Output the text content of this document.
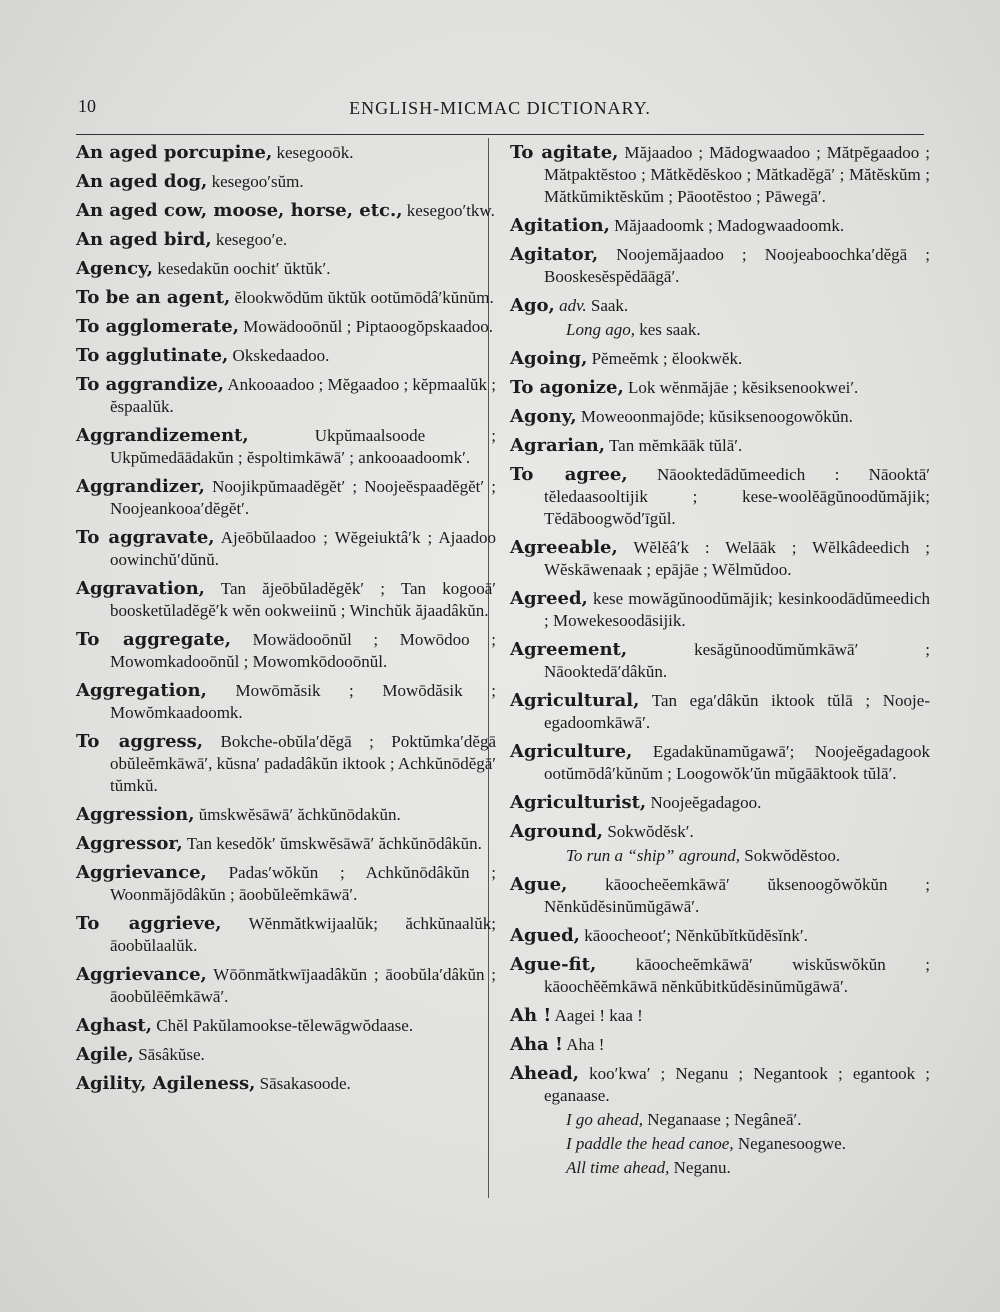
10	ENGLISH-MICMAC DICTIONARY.
An aged porcupine, kesegooōk.
An aged dog, kesegoo′sŭm.
An aged cow, moose, horse, etc., kesegoo′tkw.
An aged bird, kesegoo′e.
Agency, kesedakŭn oochit′ ŭktŭk′.
To be an agent, ĕlookwŏdŭm ŭktŭk ootŭmōdâ′kŭnŭm.
To agglomerate, Mowädooōnŭl ; Piptaoogŏpskaadoo.
To agglutinate, Okskedaadoo.
To aggrandize, Ankooaadoo ; Mĕgaadoo ; kĕpmaalŭk ; ĕspaalŭk.
Aggrandizement, Ukpŭmaalsoode ; Ukpŭmedāādakŭn ; ĕspoltimkāwā′ ; ankooaadoomk′.
Aggrandizer, Noojikpŭmaadĕgĕt′ ; Noojeĕspaadĕgĕt′ ; Noojeankooa′dĕgĕt′.
To aggravate, Ajeōbŭlaadoo ; Wĕgeiuktâ′k ; Ajaadoo oowinchŭ′dŭnŭ.
Aggravation, Tan ăjeōbŭladĕgĕk′ ; Tan kogooā′ boosketŭladĕgĕ′k wĕn ookweiinŭ ; Winchŭk ăjaadâkŭn.
To aggregate, Mowädooōnŭl ; Mowōdoo ; Mowomkadooōnŭl ; Mowomkōdooōnŭl.
Aggregation, Mowōmăsik ; Mowōdăsik ; Mowŏmkaadoomk.
To aggress, Bokche-obŭla′dĕgā ; Poktŭmka′dĕgā obŭleĕmkāwā′, kŭsna′ padadâkŭn iktook ; Achkŭnōdĕgā′ tŭmkŭ.
Aggression, ŭmskwĕsāwā′ ăchkŭnōdakŭn.
Aggressor, Tan kesedŏk′ ŭmskwĕsāwā′ ăchkŭnōdâkŭn.
Aggrievance, Padas′wŏkŭn ; Achkŭnōdâkŭn ; Woonmăjōdâkŭn ; āoobŭleĕmkāwā′.
To aggrieve, Wĕnmătkwijaalŭk; ăchkŭnaalŭk; āoobŭlaalŭk.
Aggrievance, Wōōnmătkwījaadâkŭn ; āoobŭla′dâkŭn ; āoobŭlēĕmkāwā′.
Aghast, Chĕl Pakŭlamookse-tĕlewāgwŏdaase.
Agile, Sāsâkŭse.
Agility, Agileness, Sāsakasoode.
To agitate, Măjaadoo ; Mădogwaadoo ; Mătpĕgaadoo ; Mătpaktĕstoo ; Mătkĕdĕskoo ; Mătkadĕgā′ ; Mătĕskŭm ; Mătkŭmiktĕskŭm ; Pāootĕstoo ; Pāwegā′.
Agitation, Măjaadoomk ; Madogwaadoomk.
Agitator, Noojemăjaadoo ; Noojeaboochka′dĕgā ; Booskesĕspĕdāāgā′.
Ago, adv. Saak.
Long ago, kes saak.
Agoing, Pĕmeĕmk ; ĕlookwĕk.
To agonize, Lok wĕnmăjāe ; kĕsiksenookwei′.
Agony, Moweoonmajōde; kŭsiksenoogowŏkŭn.
Agrarian, Tan mĕmkāāk tŭlā′.
To agree, Nāooktedādŭmeedich : Nāooktā′ tĕledaasooltijik ; kese-woolĕāgŭnoodŭmăjik; Tĕdāboogwŏd′īgŭl.
Agreeable, Wĕlĕâ′k : Welāāk ; Wĕlkâdeedich ; Wĕskāwenaak ; epājāe ; Wĕlmŭdoo.
Agreed, kese mowăgŭnoodŭmăjik; kesinkoodādŭmeedich ; Mowekesoodāsijik.
Agreement, kesăgŭnoodŭmŭmkāwā′ ; Nāooktedā′dâkŭn.
Agricultural, Tan ega′dâkŭn iktook tŭlā ; Nooje-egadoomkāwā′.
Agriculture, Egadakŭnamŭgawā′; Noojeĕgadagook ootŭmōdâ′kŭnŭm ; Loogowŏk′ŭn mŭgāāktook tŭlā′.
Agriculturist, Noojeĕgadagoo.
Aground, Sokwŏdĕsk′.
To run a “ship” aground, Sokwŏdĕstoo.
Ague, kāoocheĕemkāwā′ ŭksenoogŏwŏkŭn ; Nĕnkŭdĕsinŭmŭgāwā′.
Agued, kāoocheoot′; Nĕnkŭbĭtkŭdĕsĭnk′.
Ague-fit, kāoocheĕmkāwā′ wiskŭswŏkŭn ; kāoochĕĕmkāwā nĕnkŭbitkŭdĕsinŭmŭgāwā′.
Ah ! Aagei ! kaa !
Aha ! Aha !
Ahead, koo′kwa′ ; Neganu ; Negantook ; egantook ; eganaase.
I go ahead, Neganaase ; Negâneā′.
I paddle the head canoe, Neganesoogwe.
All time ahead, Neganu.
